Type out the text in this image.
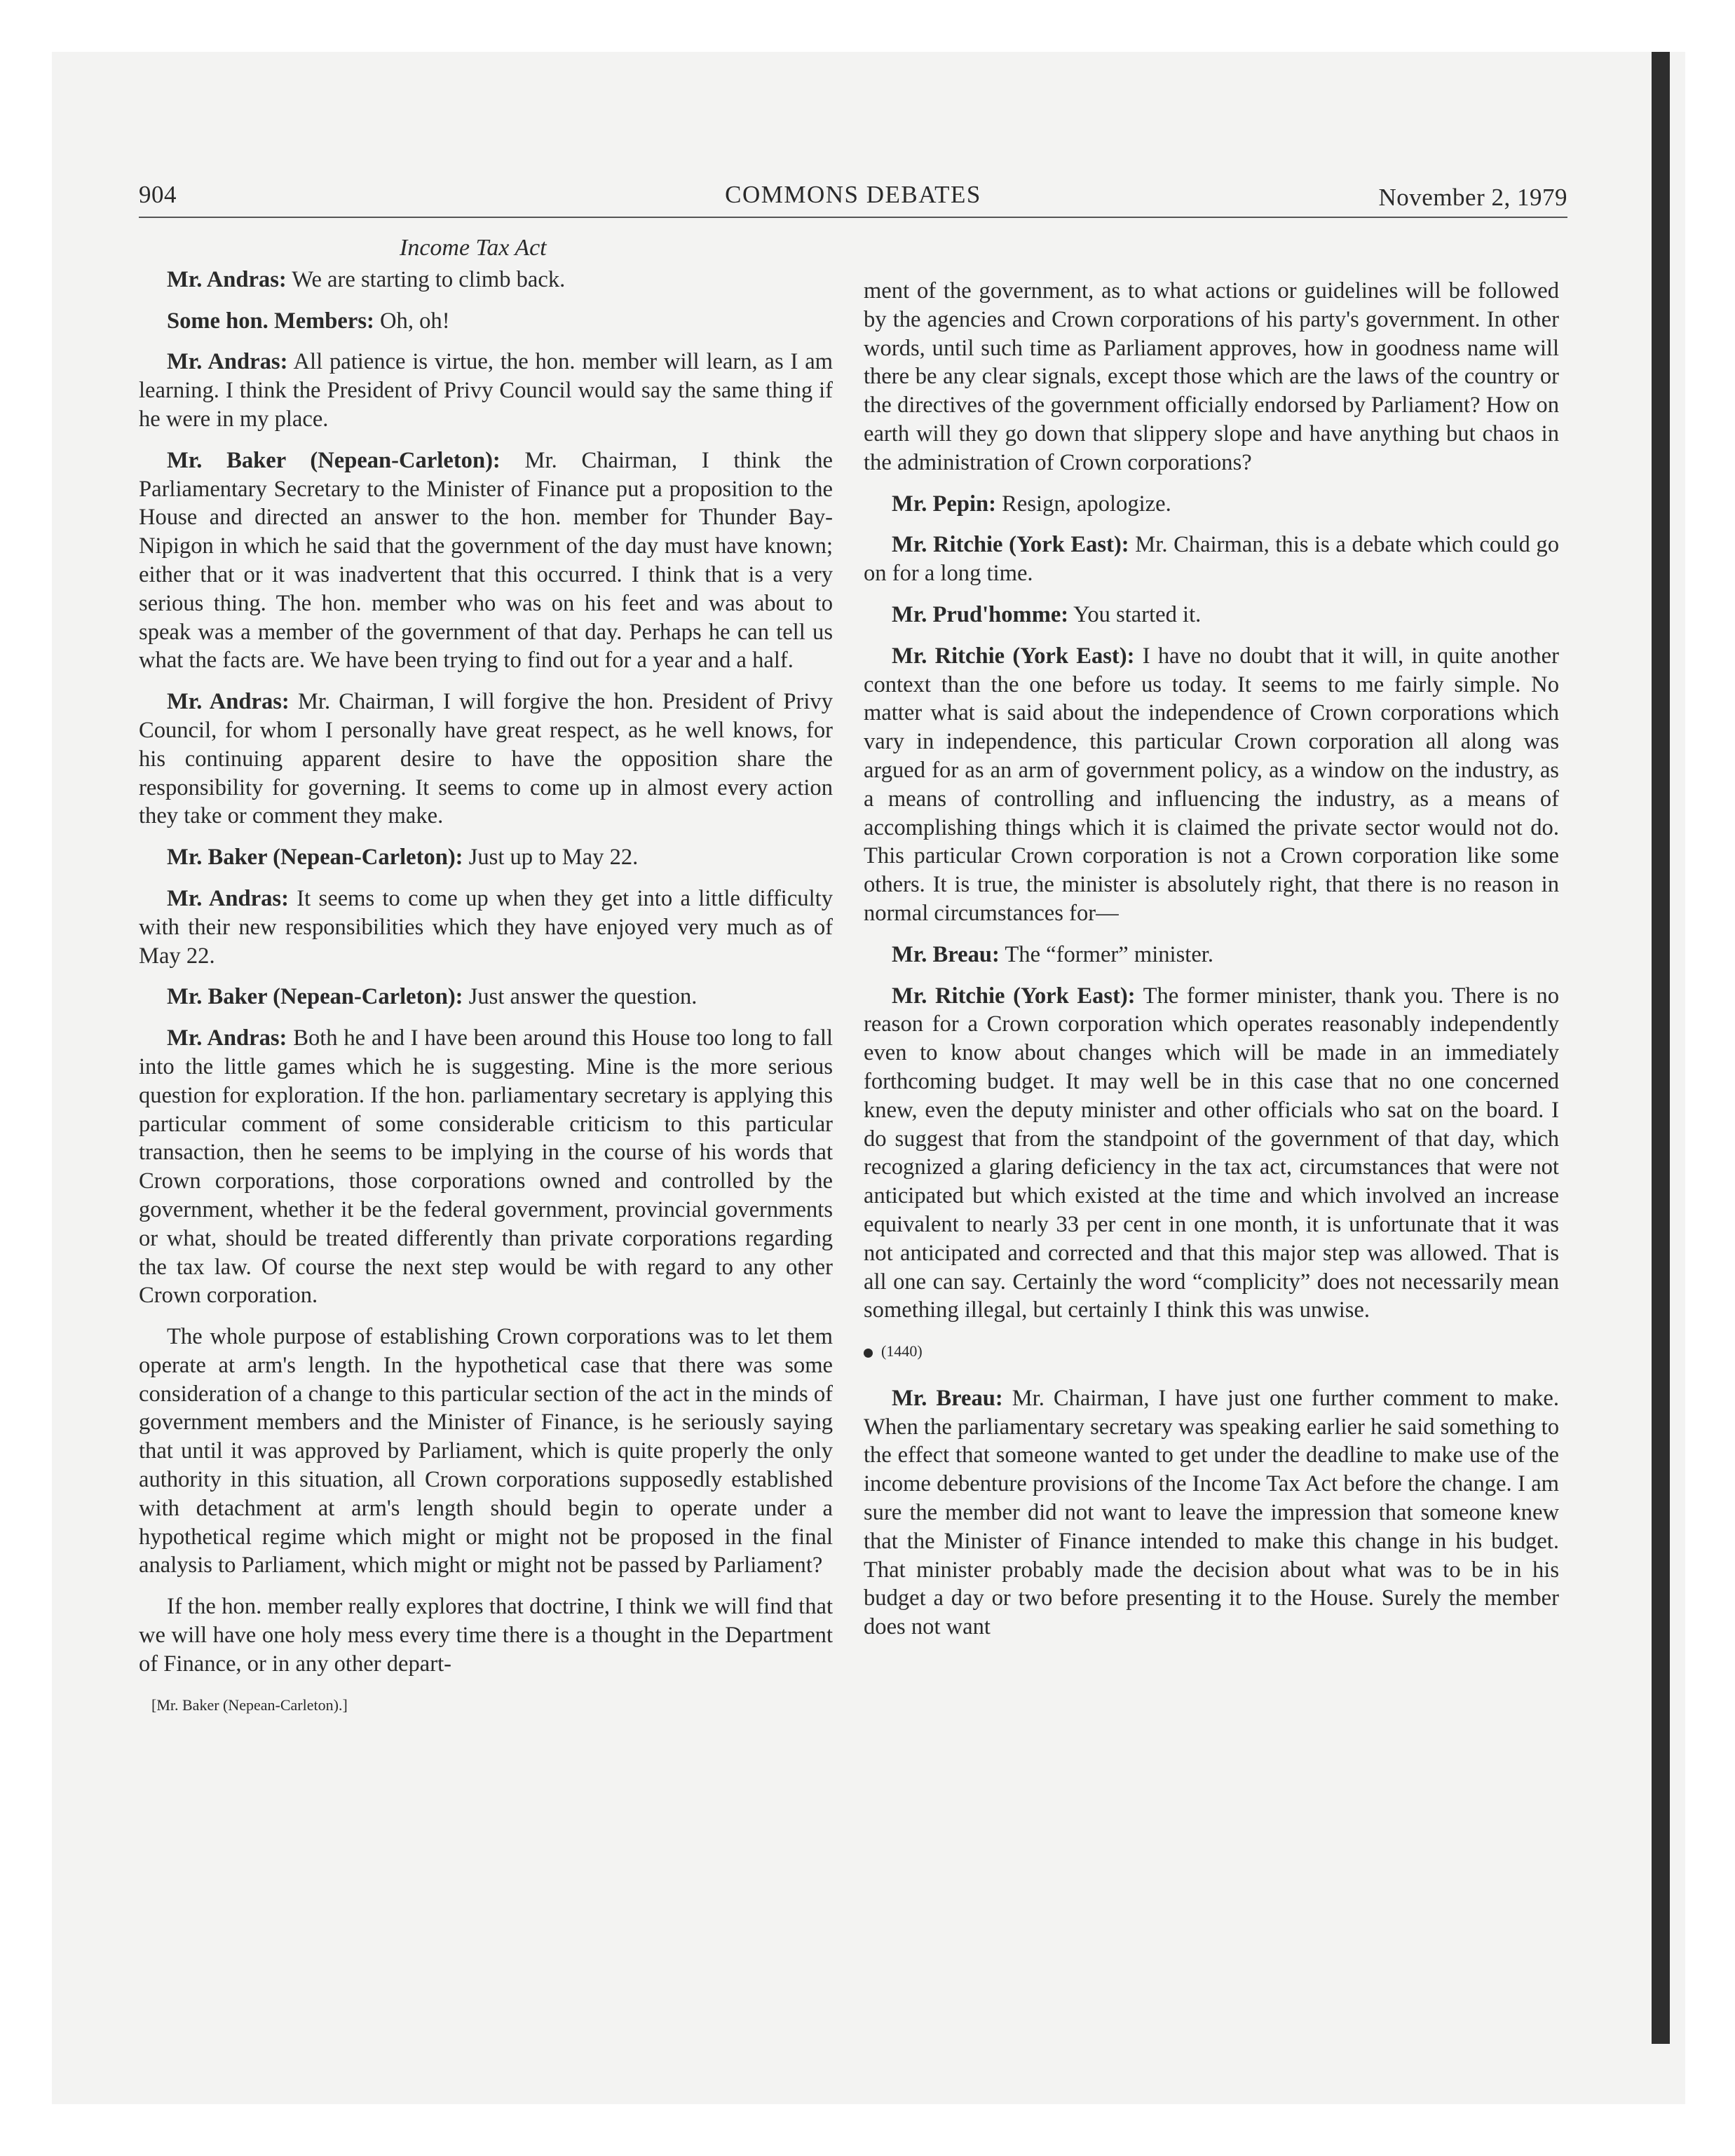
904	COMMONS DEBATES	November 2, 1979

Income Tax Act

Mr. Andras: We are starting to climb back.

Some hon. Members: Oh, oh!

Mr. Andras: All patience is virtue, the hon. member will learn, as I am learning. I think the President of Privy Council would say the same thing if he were in my place.

Mr. Baker (Nepean-Carleton): Mr. Chairman, I think the Parliamentary Secretary to the Minister of Finance put a proposition to the House and directed an answer to the hon. member for Thunder Bay-Nipigon in which he said that the government of the day must have known; either that or it was inadvertent that this occurred. I think that is a very serious thing. The hon. member who was on his feet and was about to speak was a member of the government of that day. Perhaps he can tell us what the facts are. We have been trying to find out for a year and a half.

Mr. Andras: Mr. Chairman, I will forgive the hon. President of Privy Council, for whom I personally have great respect, as he well knows, for his continuing apparent desire to have the opposition share the responsibility for governing. It seems to come up in almost every action they take or comment they make.

Mr. Baker (Nepean-Carleton): Just up to May 22.

Mr. Andras: It seems to come up when they get into a little difficulty with their new responsibilities which they have enjoyed very much as of May 22.

Mr. Baker (Nepean-Carleton): Just answer the question.

Mr. Andras: Both he and I have been around this House too long to fall into the little games which he is suggesting. Mine is the more serious question for exploration. If the hon. parliamentary secretary is applying this particular comment of some considerable criticism to this particular transaction, then he seems to be implying in the course of his words that Crown corporations, those corporations owned and controlled by the government, whether it be the federal government, provincial governments or what, should be treated differently than private corporations regarding the tax law. Of course the next step would be with regard to any other Crown corporation.

The whole purpose of establishing Crown corporations was to let them operate at arm's length. In the hypothetical case that there was some consideration of a change to this particular section of the act in the minds of government members and the Minister of Finance, is he seriously saying that until it was approved by Parliament, which is quite properly the only authority in this situation, all Crown corporations supposedly established with detachment at arm's length should begin to operate under a hypothetical regime which might or might not be proposed in the final analysis to Parliament, which might or might not be passed by Parliament?

If the hon. member really explores that doctrine, I think we will find that we will have one holy mess every time there is a thought in the Department of Finance, or in any other depart-

[Mr. Baker (Nepean-Carleton).]

ment of the government, as to what actions or guidelines will be followed by the agencies and Crown corporations of his party's government. In other words, until such time as Parliament approves, how in goodness name will there be any clear signals, except those which are the laws of the country or the directives of the government officially endorsed by Parliament? How on earth will they go down that slippery slope and have anything but chaos in the administration of Crown corporations?

Mr. Pepin: Resign, apologize.

Mr. Ritchie (York East): Mr. Chairman, this is a debate which could go on for a long time.

Mr. Prud'homme: You started it.

Mr. Ritchie (York East): I have no doubt that it will, in quite another context than the one before us today. It seems to me fairly simple. No matter what is said about the independence of Crown corporations which vary in independence, this particular Crown corporation all along was argued for as an arm of government policy, as a window on the industry, as a means of controlling and influencing the industry, as a means of accomplishing things which it is claimed the private sector would not do. This particular Crown corporation is not a Crown corporation like some others. It is true, the minister is absolutely right, that there is no reason in normal circumstances for—

Mr. Breau: The “former” minister.

Mr. Ritchie (York East): The former minister, thank you. There is no reason for a Crown corporation which operates reasonably independently even to know about changes which will be made in an immediately forthcoming budget. It may well be in this case that no one concerned knew, even the deputy minister and other officials who sat on the board. I do suggest that from the standpoint of the government of that day, which recognized a glaring deficiency in the tax act, circumstances that were not anticipated but which existed at the time and which involved an increase equivalent to nearly 33 per cent in one month, it is unfortunate that it was not anticipated and corrected and that this major step was allowed. That is all one can say. Certainly the word “complicity” does not necessarily mean something illegal, but certainly I think this was unwise.

(1440)

Mr. Breau: Mr. Chairman, I have just one further comment to make. When the parliamentary secretary was speaking earlier he said something to the effect that someone wanted to get under the deadline to make use of the income debenture provisions of the Income Tax Act before the change. I am sure the member did not want to leave the impression that someone knew that the Minister of Finance intended to make this change in his budget. That minister probably made the decision about what was to be in his budget a day or two before presenting it to the House. Surely the member does not want
